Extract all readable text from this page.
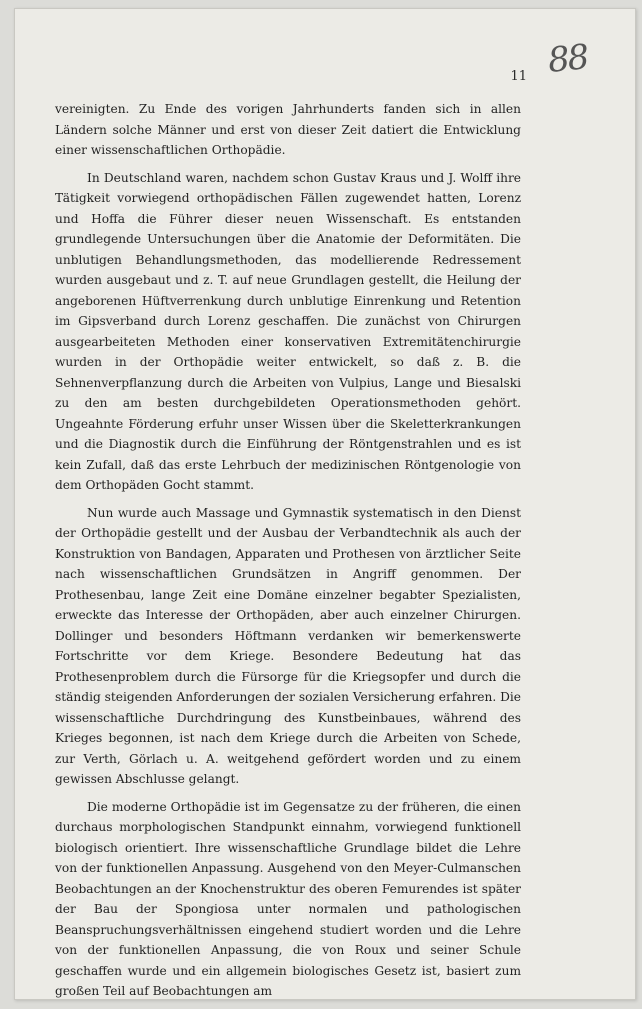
88
11

vereinigten. Zu Ende des vorigen Jahrhunderts fanden sich in allen Ländern solche Männer und erst von dieser Zeit datiert die Entwicklung einer wissenschaftlichen Orthopädie.

In Deutschland waren, nachdem schon Gustav Kraus und J. Wolff ihre Tätigkeit vorwiegend orthopädischen Fällen zugewendet hatten, Lorenz und Hoffa die Führer dieser neuen Wissenschaft. Es entstanden grundlegende Untersuchungen über die Anatomie der Deformitäten. Die unblutigen Behandlungsmethoden, das modellierende Redressement wurden ausgebaut und z. T. auf neue Grundlagen gestellt, die Heilung der angeborenen Hüftverrenkung durch unblutige Einrenkung und Retention im Gipsverband durch Lorenz geschaffen. Die zunächst von Chirurgen ausgearbeiteten Methoden einer konservativen Extremitätenchirurgie wurden in der Orthopädie weiter entwickelt, so daß z. B. die Sehnenverpflanzung durch die Arbeiten von Vulpius, Lange und Biesalski zu den am besten durchgebildeten Operationsmethoden gehört. Ungeahnte Förderung erfuhr unser Wissen über die Skeletterkrankungen und die Diagnostik durch die Einführung der Röntgenstrahlen und es ist kein Zufall, daß das erste Lehrbuch der medizinischen Röntgenologie von dem Orthopäden Gocht stammt.

Nun wurde auch Massage und Gymnastik systematisch in den Dienst der Orthopädie gestellt und der Ausbau der Verbandtechnik als auch der Konstruktion von Bandagen, Apparaten und Prothesen von ärztlicher Seite nach wissenschaftlichen Grundsätzen in Angriff genommen. Der Prothesenbau, lange Zeit eine Domäne einzelner begabter Spezialisten, erweckte das Interesse der Orthopäden, aber auch einzelner Chirurgen. Dollinger und besonders Höftmann verdanken wir bemerkenswerte Fortschritte vor dem Kriege. Besondere Bedeutung hat das Prothesenproblem durch die Fürsorge für die Kriegsopfer und durch die ständig steigenden Anforderungen der sozialen Versicherung erfahren. Die wissenschaftliche Durchdringung des Kunstbeinbaues, während des Krieges begonnen, ist nach dem Kriege durch die Arbeiten von Schede, zur Verth, Görlach u. A. weitgehend gefördert worden und zu einem gewissen Abschlusse gelangt.

Die moderne Orthopädie ist im Gegensatze zu der früheren, die einen durchaus morphologischen Standpunkt einnahm, vorwiegend funktionell biologisch orientiert. Ihre wissenschaftliche Grundlage bildet die Lehre von der funktionellen Anpassung. Ausgehend von den Meyer-Culmanschen Beobachtungen an der Knochenstruktur des oberen Femurendes ist später der Bau der Spongiosa unter normalen und pathologischen Beanspruchungsverhältnissen eingehend studiert worden und die Lehre von der funktionellen Anpassung, die von Roux und seiner Schule geschaffen wurde und ein allgemein biologisches Gesetz ist, basiert zum großen Teil auf Beobachtungen am
